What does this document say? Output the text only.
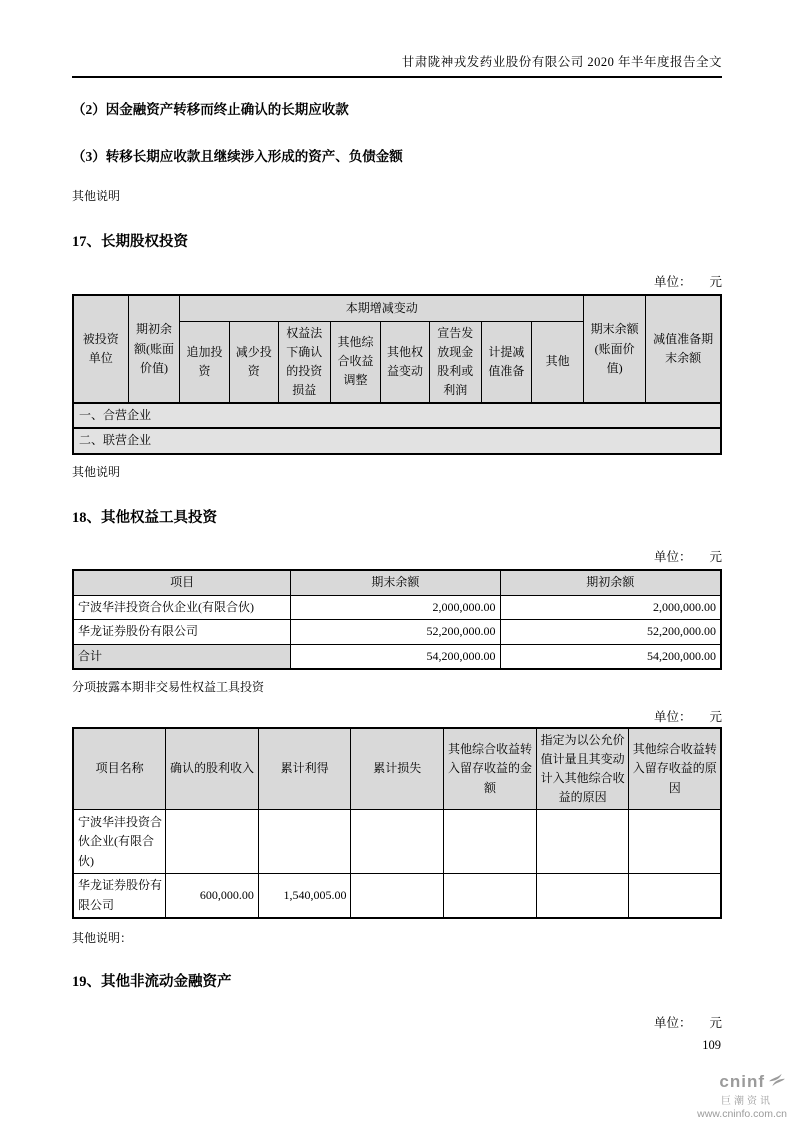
甘肃陇神戎发药业股份有限公司 2020 年半年度报告全文
（2）因金融资产转移而终止确认的长期应收款
（3）转移长期应收款且继续涉入形成的资产、负债金额
其他说明
17、长期股权投资
单位： 元
被投资单位	期初余额(账面价值)	本期增减变动								期末余额(账面价值)	减值准备期末余额
		追加投资	减少投资	权益法下确认的投资损益	其他综合收益调整	其他权益变动	宣告发放现金股利或利润	计提减值准备	其他		
一、合营企业											
二、联营企业											
其他说明
18、其他权益工具投资
单位： 元
项目	期末余额	期初余额
宁波华沣投资合伙企业(有限合伙)	2,000,000.00	2,000,000.00
华龙证券股份有限公司	52,200,000.00	52,200,000.00
合计	54,200,000.00	54,200,000.00
分项披露本期非交易性权益工具投资
单位： 元
项目名称	确认的股利收入	累计利得	累计损失	其他综合收益转入留存收益的金额	指定为以公允价值计量且其变动计入其他综合收益的原因	其他综合收益转入留存收益的原因
宁波华沣投资合伙企业(有限合伙)						
华龙证券股份有限公司	600,000.00	1,540,005.00				
其他说明：
19、其他非流动金融资产
单位： 元
109
cninf
巨潮资讯
www.cninfo.com.cn
